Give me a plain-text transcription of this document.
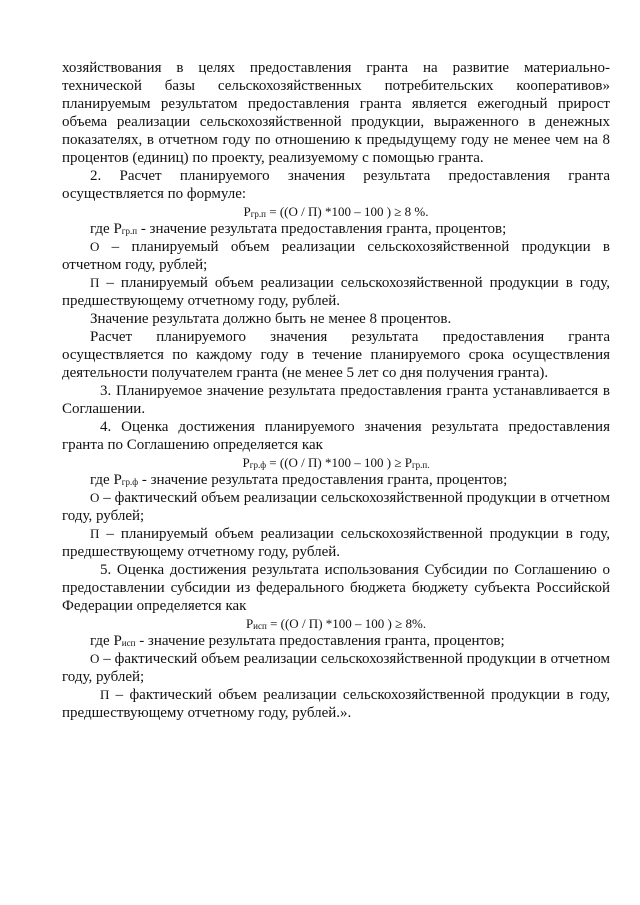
хозяйствования в целях предоставления гранта на развитие материально-технической базы сельскохозяйственных потребительских кооперативов» планируемым результатом предоставления гранта является ежегодный прирост объема реализации сельскохозяйственной продукции, выраженного в денежных показателях, в отчетном году по отношению к предыдущему году не менее чем на 8 процентов (единиц) по проекту, реализуемому с помощью гранта.

2. Расчет планируемого значения результата предоставления гранта осуществляется по формуле:

$P_{гр.п} = ((О / П)$ *100 – 100 ) ≥ 8 %.

где $P_{гр.п}$ - значение результата предоставления гранта, процентов;

О – планируемый объем реализации сельскохозяйственной продукции в отчетном году, рублей;

П – планируемый объем реализации сельскохозяйственной продукции в году, предшествующему отчетному году, рублей.

Значение результата должно быть не менее 8 процентов.

Расчет планируемого значения результата предоставления гранта осуществляется по каждому году в течение планируемого срока осуществления деятельности получателем гранта (не менее 5 лет со дня получения гранта).

3. Планируемое значение результата предоставления гранта устанавливается в Соглашении.

4. Оценка достижения планируемого значения результата предоставления гранта по Соглашению определяется как

$P_{гр.ф} = ((О / П)$ *100 – 100 ) ≥ $P_{гр.п.}$

где $P_{гр.ф}$ - значение результата предоставления гранта, процентов;

О – фактический объем реализации сельскохозяйственной продукции в отчетном году, рублей;

П – планируемый объем реализации сельскохозяйственной продукции в году, предшествующему отчетному году, рублей.

5. Оценка достижения результата использования Субсидии по Соглашению о предоставлении субсидии из федерального бюджета бюджету субъекта Российской Федерации определяется как

$P_{исп} = ((О / П)$ *100 – 100 ) ≥ 8%.

где $P_{исп}$ - значение результата предоставления гранта, процентов;

О – фактический объем реализации сельскохозяйственной продукции в отчетном году, рублей;

П – фактический объем реализации сельскохозяйственной продукции в году, предшествующему отчетному году, рублей.».
